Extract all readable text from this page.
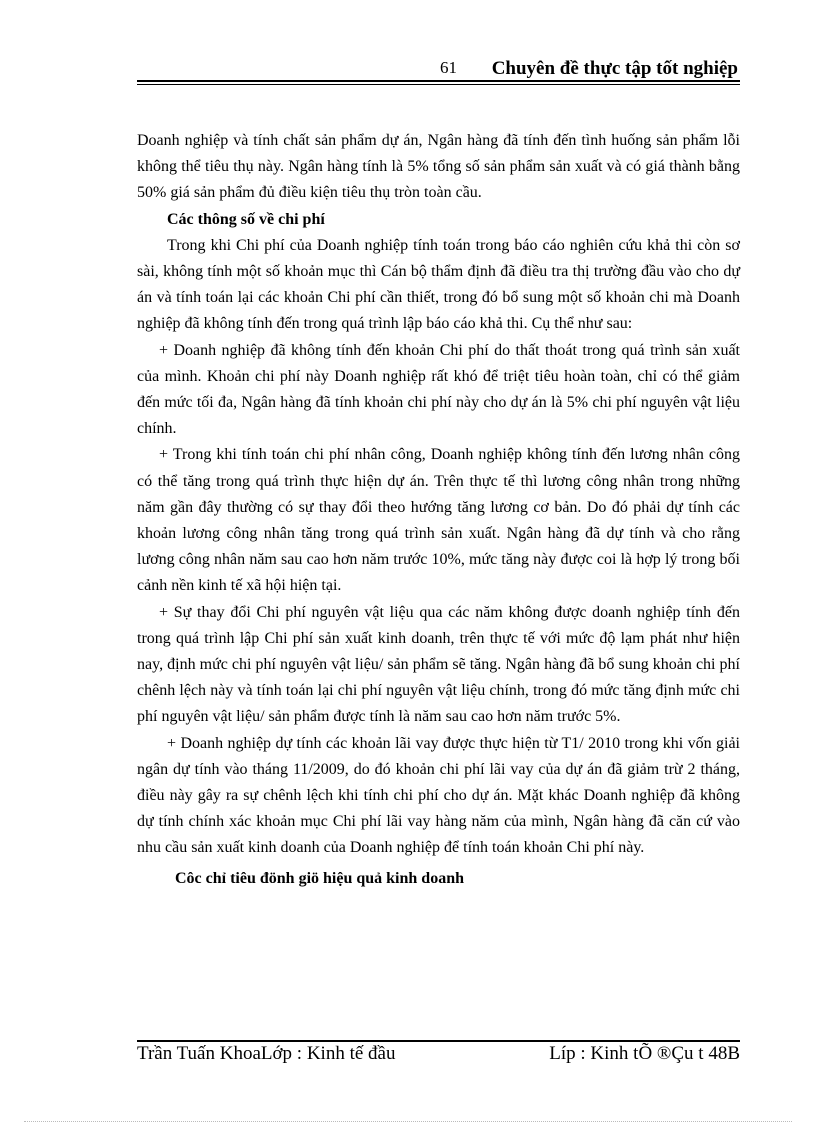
61 Chuyên đề thực tập tốt nghiệp

Doanh nghiệp và tính chất sản phẩm dự án, Ngân hàng đã tính đến tình huống sản phẩm lỗi không thể tiêu thụ này. Ngân hàng tính là 5% tổng số sản phẩm sản xuất và có giá thành bằng 50% giá sản phẩm đủ điều kiện tiêu thụ tròn toàn cầu.

Các thông số về chi phí

Trong khi Chi phí của Doanh nghiệp tính toán trong báo cáo nghiên cứu khả thi còn sơ sài, không tính một số khoản mục thì Cán bộ thẩm định đã điều tra thị trường đầu vào cho dự án và tính toán lại các khoản Chi phí cần thiết, trong đó bổ sung một số khoản chi mà Doanh nghiệp đã không tính đến trong quá trình lập báo cáo khả thi. Cụ thể như sau:

+ Doanh nghiệp đã không tính đến khoản Chi phí do thất thoát trong quá trình sản xuất của mình. Khoản chi phí này Doanh nghiệp rất khó để triệt tiêu hoàn toàn, chỉ có thể giảm đến mức tối đa, Ngân hàng đã tính khoản chi phí này cho dự án là 5% chi phí nguyên vật liệu chính.

+ Trong khi tính toán chi phí nhân công, Doanh nghiệp không tính đến lương nhân công có thể tăng trong quá trình thực hiện dự án. Trên thực tế thì lương công nhân trong những năm gần đây thường có sự thay đổi theo hướng tăng lương cơ bản. Do đó phải dự tính các khoản lương công nhân tăng trong quá trình sản xuất. Ngân hàng đã dự tính và cho rằng lương công nhân năm sau cao hơn năm trước 10%, mức tăng này được coi là hợp lý trong bối cảnh nền kinh tế xã hội hiện tại.

+ Sự thay đổi Chi phí nguyên vật liệu qua các năm không được doanh nghiệp tính đến trong quá trình lập Chi phí sản xuất kinh doanh, trên thực tế với mức độ lạm phát như hiện nay, định mức chi phí nguyên vật liệu/ sản phẩm sẽ tăng. Ngân hàng đã bổ sung khoản chi phí chênh lệch này và tính toán lại chi phí nguyên vật liệu chính, trong đó mức tăng định mức chi phí nguyên vật liệu/ sản phẩm được tính là năm sau cao hơn năm trước 5%.

+ Doanh nghiệp dự tính các khoản lãi vay được thực hiện từ T1/ 2010 trong khi vốn giải ngân dự tính vào tháng 11/2009, do đó khoản chi phí lãi vay của dự án đã giảm trừ 2 tháng, điều này gây ra sự chênh lệch khi tính chi phí cho dự án. Mặt khác Doanh nghiệp đã không dự tính chính xác khoản mục Chi phí lãi vay hàng năm của mình, Ngân hàng đã căn cứ vào nhu cầu sản xuất kinh doanh của Doanh nghiệp để tính toán khoản Chi phí này.

Côc chỉ tiêu đönh giö hiệu quả kinh doanh

Trần Tuấn KhoaLớp : Kinh tế đầu	Líp : Kinh tÕ ®Çu t 48B
